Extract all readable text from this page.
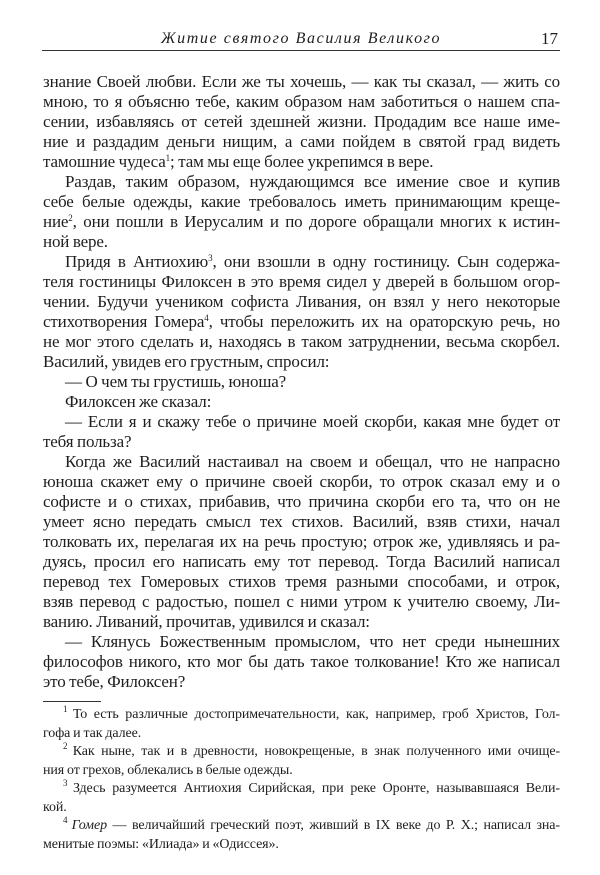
Житие святого Василия Великого	17
знание Своей любви. Если же ты хочешь, — как ты сказал, — жить со
мною, то я объясню тебе, каким образом нам заботиться о нашем спа-
сении, избавляясь от сетей здешней жизни. Продадим все наше име-
ние и раздадим деньги нищим, а сами пойдем в святой град видеть
тамошние чудеса$^1$; там мы еще более укрепимся в вере.
Раздав, таким образом, нуждающимся все имение свое и купив
себе белые одежды, какие требовалось иметь принимающим креще-
ние$^2$, они пошли в Иерусалим и по дороге обращали многих к истин-
ной вере.
Придя в Антиохию$^3$, они взошли в одну гостиницу. Сын содержа-
теля гостиницы Филоксен в это время сидел у дверей в большом огор-
чении. Будучи учеником софиста Ливания, он взял у него некоторые
стихотворения Гомера$^4$, чтобы переложить их на ораторскую речь, но
не мог этого сделать и, находясь в таком затруднении, весьма скорбел.
Василий, увидев его грустным, спросил:
— О чем ты грустишь, юноша?
Филоксен же сказал:
— Если я и скажу тебе о причине моей скорби, какая мне будет от
тебя польза?
Когда же Василий настаивал на своем и обещал, что не напрасно
юноша скажет ему о причине своей скорби, то отрок сказал ему и о
софисте и о стихах, прибавив, что причина скорби его та, что он не
умеет ясно передать смысл тех стихов. Василий, взяв стихи, начал
толковать их, перелагая их на речь простую; отрок же, удивляясь и ра-
дуясь, просил его написать ему тот перевод. Тогда Василий написал
перевод тех Гомеровых стихов тремя разными способами, и отрок,
взяв перевод с радостью, пошел с ними утром к учителю своему, Ли-
ванию. Ливаний, прочитав, удивился и сказал:
— Клянусь Божественным промыслом, что нет среди нынешних
философов никого, кто мог бы дать такое толкование! Кто же написал
это тебе, Филоксен?
$^1$ То есть различные достопримечательности, как, например, гроб Христов, Гол-
гофа и так далее.
$^2$ Как ныне, так и в древности, новокрещеные, в знак полученного ими очище-
ния от грехов, облекались в белые одежды.
$^3$ Здесь разумеется Антиохия Сирийская, при реке Оронте, называвшаяся Вели-
кой.
$^4$ Гомер — величайший греческий поэт, живший в IX веке до Р. Х.; написал зна-
менитые поэмы: «Илиада» и «Одиссея».
